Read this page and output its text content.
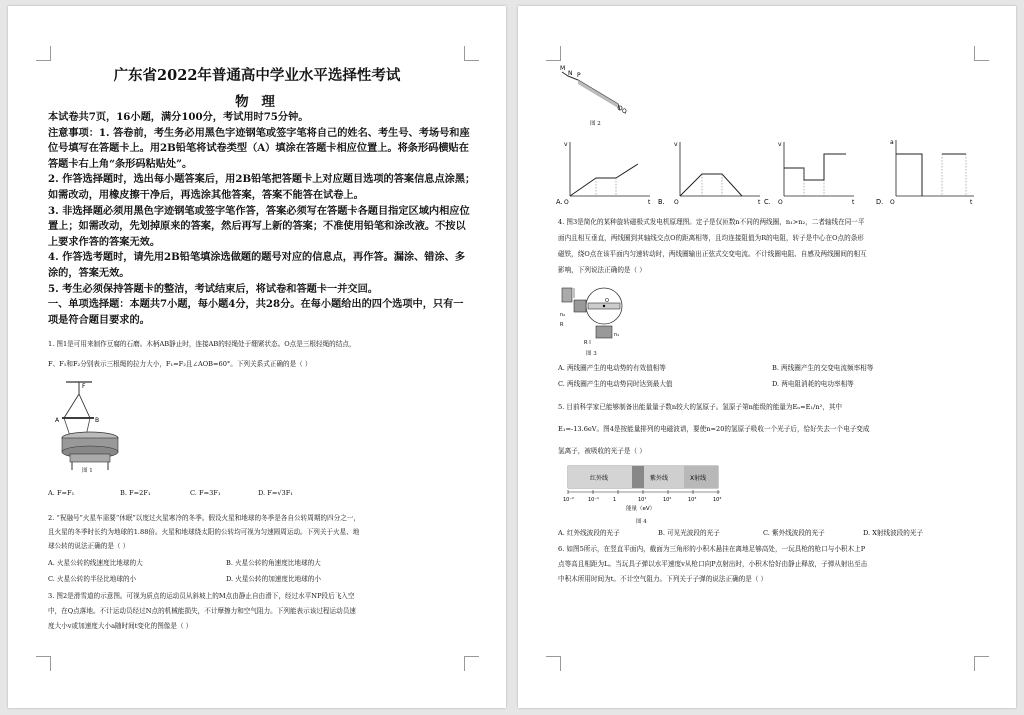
广东省2022年普通高中学业水平选择性考试
物 理
本试卷共7页，16小题，满分100分，考试用时75分钟。
注意事项：1. 答卷前，考生务必用黑色字迹钢笔或签字笔将自己的姓名、考生号、考场号和座
位号填写在答题卡上。用2B铅笔将试卷类型（A）填涂在答题卡相应位置上。将条形码横贴在
答题卡右上角“条形码粘贴处”。
2. 作答选择题时，选出每小题答案后，用2B铅笔把答题卡上对应题目选项的答案信息点涂黑；
如需改动，用橡皮擦干净后，再选涂其他答案，答案不能答在试卷上。
3. 非选择题必须用黑色字迹钢笔或签字笔作答，答案必须写在答题卡各题目指定区域内相应位
置上；如需改动，先划掉原来的答案，然后再写上新的答案；不准使用铅笔和涂改液。不按以
上要求作答的答案无效。
4. 作答选考题时，请先用2B铅笔填涂选做题的题号对应的信息点，再作答。漏涂、错涂、多
涂的，答案无效。
5. 考生必须保持答题卡的整洁，考试结束后，将试卷和答题卡一并交回。
一、单项选择题：本题共7小题，每小题4分，共28分。在每小题给出的四个选项中，只有一
项是符合题目要求的。
1. 图1是可用来制作豆腐的石磨。木柄AB静止时，连接AB的轻绳处于绷紧状态。O点是三根轻绳的结点，
F、F₁和F₂分别表示三根绳的拉力大小，F₁=F₂且∠AOB=60°。下列关系式正确的是（ ）
F
A	B
图 1
A. F=F₁	B. F=2F₁	C. F=3F₁	D. F=√3F₁
2. “祝融号”火星车需要“休眠”以度过火星寒冷的冬季。假设火星和地球的冬季是各自公转周期的四分之一，
且火星的冬季时长约为地球的1.88倍。火星和地球绕太阳的公转均可视为匀速圆周运动。下列关于火星、地
球公转的说法正确的是（ ）
A. 火星公转的线速度比地球的大	B. 火星公转的角速度比地球的大
C. 火星公转的半径比地球的小	D. 火星公转的加速度比地球的小
3. 图2是滑雪道的示意图。可视为质点的运动员从斜坡上的M点由静止自由滑下，经过水平NP段后飞入空
中，在Q点落地。不计运动员经过N点的机械能损失，不计摩擦力和空气阻力。下列能表示该过程运动员速
度大小v或加速度大小a随时间t变化的图像是（ ）
M
N P
Q
图 2
v
t
O
A.
v
t
O
B.
v
t
O
C.
a
t
O
D.
4. 图3是简化的某种旋转磁极式发电机原理图。定子是仅匝数n不同的两线圈，n₁>n₂，二者轴线在同一平
面内且相互垂直，两线圈到其轴线交点O的距离相等，且均连接阻值为R的电阻，转子是中心在O点的条形
磁铁，绕O点在该平面内匀速转动时，两线圈输出正弦式交变电流。不计线圈电阻、自感及两线圈间的相互
影响，下列说法正确的是（ ）
n₂
R
O
n₁
R
图 3
A. 两线圈产生的电动势的有效值相等	B. 两线圈产生的交变电流频率相等
C. 两线圈产生的电动势同时达到最大值	D. 两电阻消耗的电功率相等
5. 目前科学家已能够制备出能量量子数n较大的氢原子。氢原子第n能级的能量为Eₙ=E₁/n²，其中
E₁=-13.6eV。图4是按能量排列的电磁波谱，要使n=20的氢原子吸收一个光子后，恰好失去一个电子变成
氢离子，被吸收的光子是（ ）
红外线	紫外线	X射线
10⁻²	10⁻¹	1	10¹	10²	10³	10⁴
能量（eV）
图 4
A. 红外线波段的光子	B. 可见光波段的光子	C. 紫外线波段的光子	D. X射线波段的光子
6. 如图5所示，在竖直平面内，截面为三角形的小积木悬挂在离地足够高处，一玩具枪的枪口与小积木上P
点等高且相距为L。当玩具子弹以水平速度v从枪口向P点射出时，小积木恰好由静止释放，子弹从射出至击
中积木所用时间为t。不计空气阻力。下列关于子弹的说法正确的是（ ）
